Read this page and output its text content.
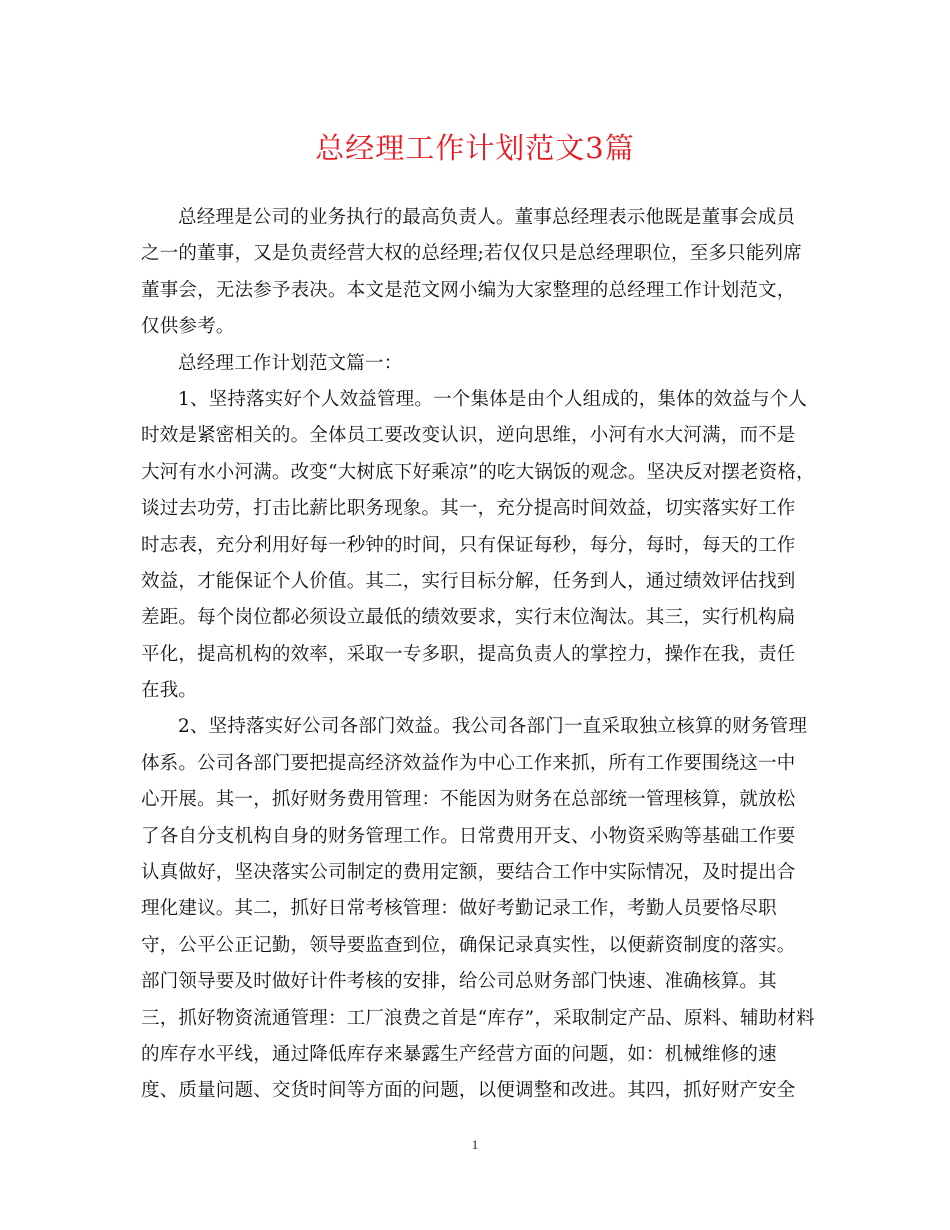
总经理工作计划范文3篇
总经理是公司的业务执行的最高负责人。董事总经理表示他既是董事会成员
之一的董事，又是负责经营大权的总经理;若仅仅只是总经理职位，至多只能列席
董事会，无法参予表决。本文是范文网小编为大家整理的总经理工作计划范文，
仅供参考。
总经理工作计划范文篇一：
1、坚持落实好个人效益管理。一个集体是由个人组成的，集体的效益与个人
时效是紧密相关的。全体员工要改变认识，逆向思维，小河有水大河满，而不是
大河有水小河满。改变“大树底下好乘凉”的吃大锅饭的观念。坚决反对摆老资格，
谈过去功劳，打击比薪比职务现象。其一，充分提高时间效益，切实落实好工作
时志表，充分利用好每一秒钟的时间，只有保证每秒，每分，每时，每天的工作
效益，才能保证个人价值。其二，实行目标分解，任务到人，通过绩效评估找到
差距。每个岗位都必须设立最低的绩效要求，实行末位淘汰。其三，实行机构扁
平化，提高机构的效率，采取一专多职，提高负责人的掌控力，操作在我，责任
在我。
2、坚持落实好公司各部门效益。我公司各部门一直采取独立核算的财务管理
体系。公司各部门要把提高经济效益作为中心工作来抓，所有工作要围绕这一中
心开展。其一，抓好财务费用管理：不能因为财务在总部统一管理核算，就放松
了各自分支机构自身的财务管理工作。日常费用开支、小物资采购等基础工作要
认真做好，坚决落实公司制定的费用定额，要结合工作中实际情况，及时提出合
理化建议。其二，抓好日常考核管理：做好考勤记录工作，考勤人员要恪尽职
守，公平公正记勤，领导要监查到位，确保记录真实性，以便薪资制度的落实。
部门领导要及时做好计件考核的安排，给公司总财务部门快速、准确核算。其
三，抓好物资流通管理：工厂浪费之首是“库存”，采取制定产品、原料、辅助材料
的库存水平线，通过降低库存来暴露生产经营方面的问题，如：机械维修的速
度、质量问题、交货时间等方面的问题，以便调整和改进。其四，抓好财产安全
1
